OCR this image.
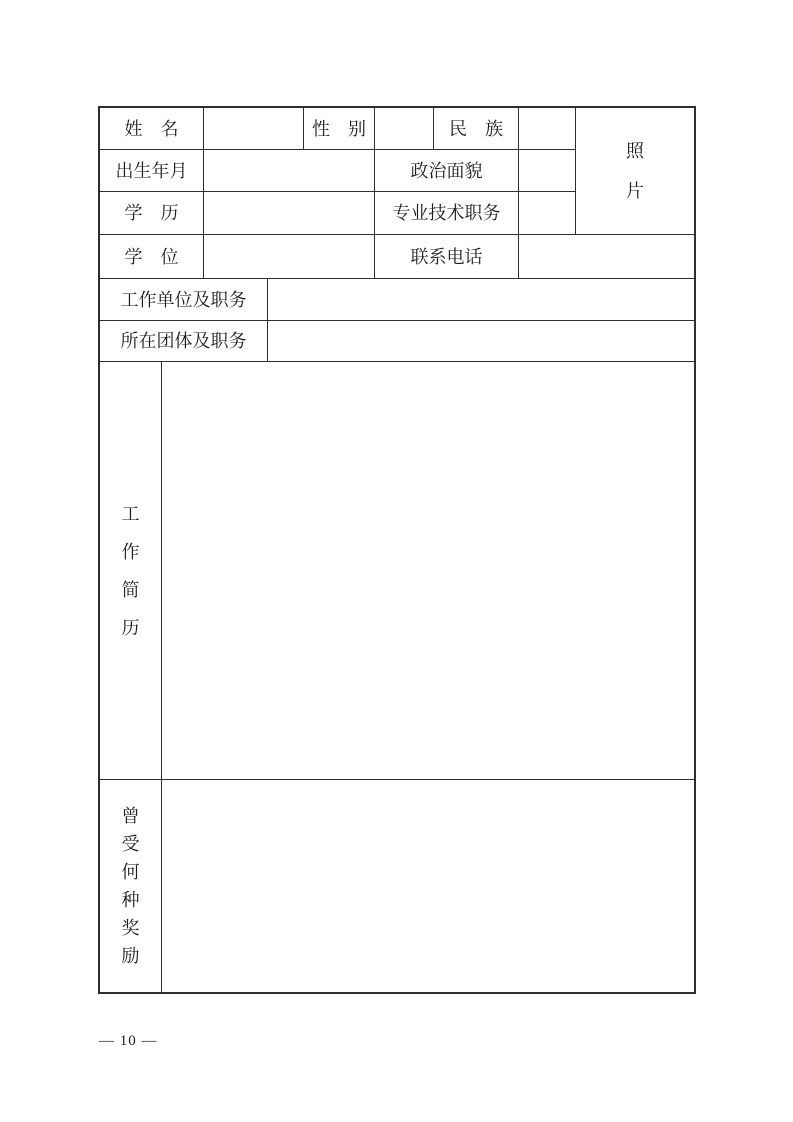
姓　名	性　别	民　族
照片
出生年月	政治面貌
学　历	专业技术职务
学　位	联系电话
工作单位及职务
所在团体及职务
工作简历
曾受何种奖励
— 10 —
